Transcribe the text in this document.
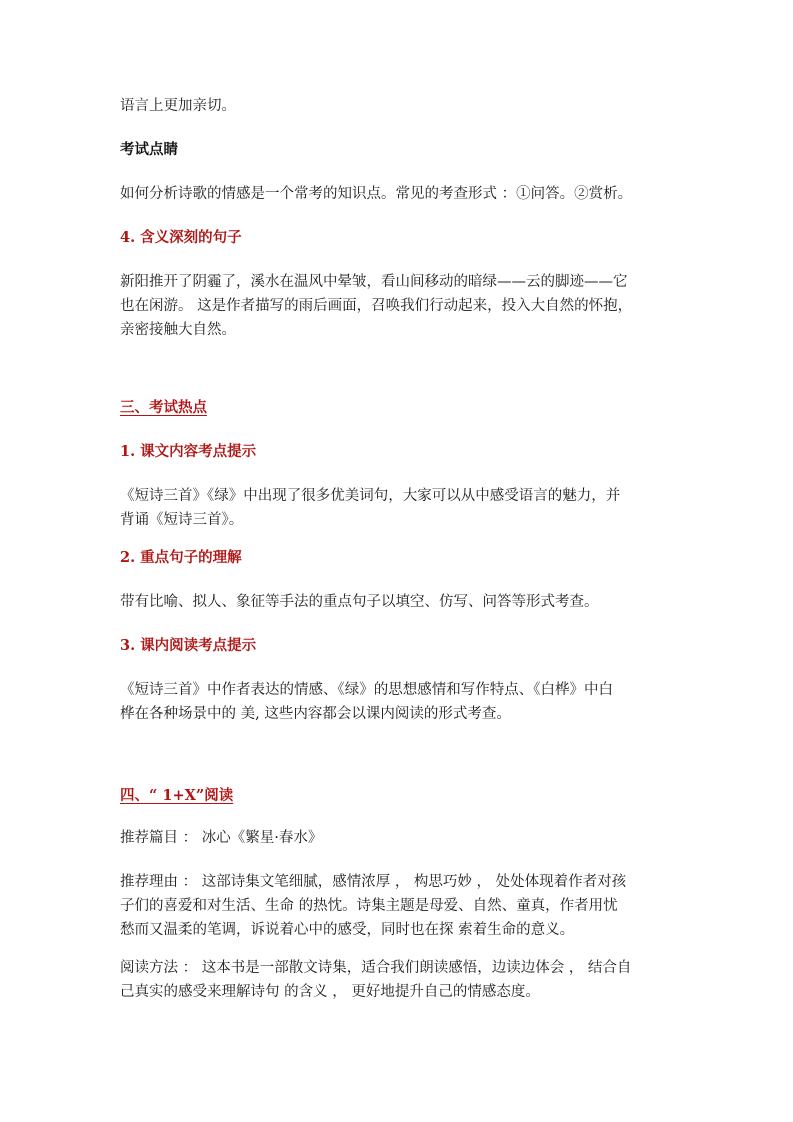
语言上更加亲切。

考试点睛

如何分析诗歌的情感是一个常考的知识点。常见的考查形式 ：①问答。②赏析。

4. 含义深刻的句子

新阳推开了阴霾了，溪水在温风中晕皱，看山间移动的暗绿——云的脚迹——它
也在闲游。 这是作者描写的雨后画面，召唤我们行动起来，投入大自然的怀抱，
亲密接触大自然。

三、考试热点

1. 课文内容考点提示

《短诗三首》《绿》中出现了很多优美词句，大家可以从中感受语言的魅力，并
背诵《短诗三首》。

2. 重点句子的理解

带有比喻、拟人、象征等手法的重点句子以填空、仿写、问答等形式考查。

3. 课内阅读考点提示

《短诗三首》中作者表达的情感、《绿》的思想感情和写作特点、《白桦》中白
桦在各种场景中的 美, 这些内容都会以课内阅读的形式考查。

四、“ 1+X”阅读

推荐篇目 ： 冰心《繁星·春水》

推荐理由 ： 这部诗集文笔细腻，感情浓厚 ， 构思巧妙 ， 处处体现着作者对孩
子们的喜爱和对生活、生命 的热忱。诗集主题是母爱、自然、童真，作者用忧
愁而又温柔的笔调，诉说着心中的感受，同时也在探 索着生命的意义。
阅读方法 ： 这本书是一部散文诗集，适合我们朗读感悟，边读边体会 ， 结合自
己真实的感受来理解诗句 的含义 ， 更好地提升自己的情感态度。
